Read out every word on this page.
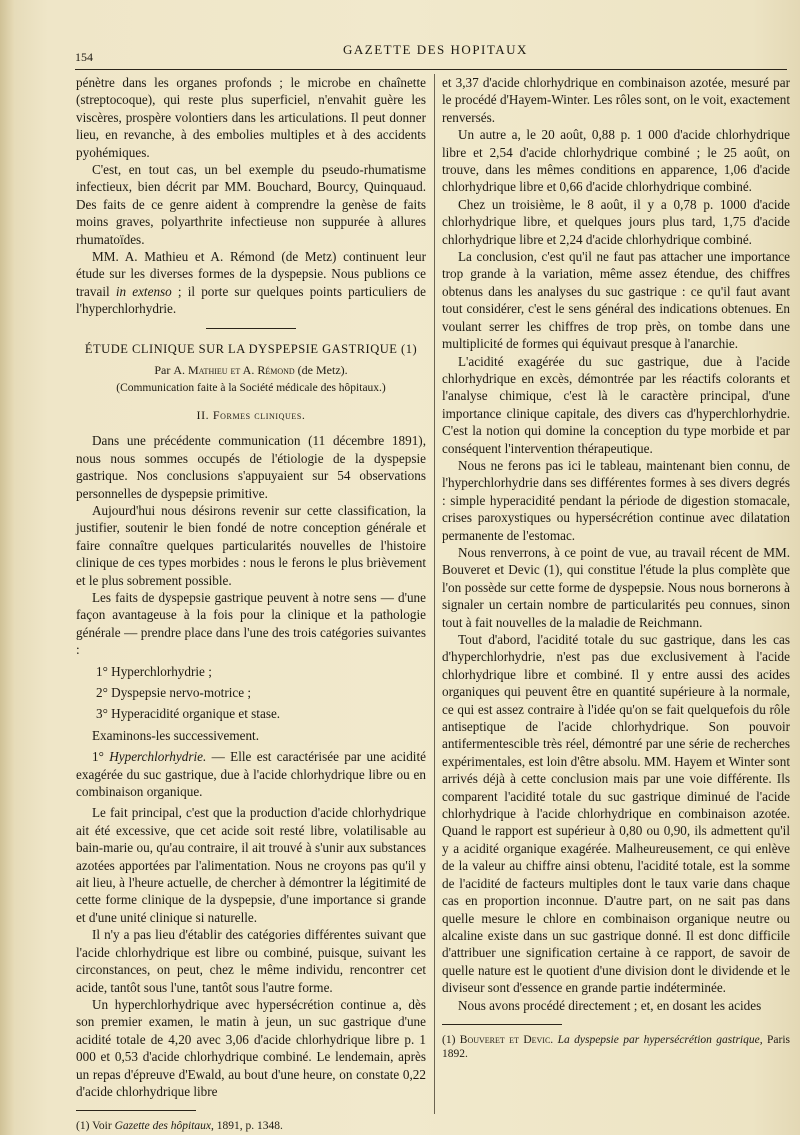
154	GAZETTE DES HOPITAUX

pénètre dans les organes profonds ; le microbe en chaînette (streptocoque), qui reste plus superficiel, n'envahit guère les viscères, prospère volontiers dans les articulations. Il peut donner lieu, en revanche, à des embolies multiples et à des accidents pyohémiques.

C'est, en tout cas, un bel exemple du pseudo-rhumatisme infectieux, bien décrit par MM. Bouchard, Bourcy, Quinquaud. Des faits de ce genre aident à comprendre la genèse de faits moins graves, polyarthrite infectieuse non suppurée à allures rhumatoïdes.

MM. A. Mathieu et A. Rémond (de Metz) continuent leur étude sur les diverses formes de la dyspepsie. Nous publions ce travail in extenso ; il porte sur quelques points particuliers de l'hyperchlorhydrie.

ÉTUDE CLINIQUE SUR LA DYSPEPSIE GASTRIQUE (1)

Par A. Mathieu et A. Rémond (de Metz).

(Communication faite à la Société médicale des hôpitaux.)

II. Formes cliniques.

Dans une précédente communication (11 décembre 1891), nous nous sommes occupés de l'étiologie de la dyspepsie gastrique. Nos conclusions s'appuyaient sur 54 observations personnelles de dyspepsie primitive.

Aujourd'hui nous désirons revenir sur cette classification, la justifier, soutenir le bien fondé de notre conception générale et faire connaître quelques particularités nouvelles de l'histoire clinique de ces types morbides : nous le ferons le plus brièvement et le plus sobrement possible.

Les faits de dyspepsie gastrique peuvent à notre sens — d'une façon avantageuse à la fois pour la clinique et la pathologie générale — prendre place dans l'une des trois catégories suivantes :

1° Hyperchlorhydrie ;

2° Dyspepsie nervo-motrice ;

3° Hyperacidité organique et stase.

Examinons-les successivement.

1° Hyperchlorhydrie. — Elle est caractérisée par une acidité exagérée du suc gastrique, due à l'acide chlorhydrique libre ou en combinaison organique.

Le fait principal, c'est que la production d'acide chlorhydrique ait été excessive, que cet acide soit resté libre, volatilisable au bain-marie ou, qu'au contraire, il ait trouvé à s'unir aux substances azotées apportées par l'alimentation. Nous ne croyons pas qu'il y ait lieu, à l'heure actuelle, de chercher à démontrer la légitimité de cette forme clinique de la dyspepsie, d'une importance si grande et d'une unité clinique si naturelle.

Il n'y a pas lieu d'établir des catégories différentes suivant que l'acide chlorhydrique est libre ou combiné, puisque, suivant les circonstances, on peut, chez le même individu, rencontrer cet acide, tantôt sous l'une, tantôt sous l'autre forme.

Un hyperchlorhydrique avec hypersécrétion continue a, dès son premier examen, le matin à jeun, un suc gastrique d'une acidité totale de 4,20 avec 3,06 d'acide chlorhydrique libre p. 1 000 et 0,53 d'acide chlorhydrique combiné. Le lendemain, après un repas d'épreuve d'Ewald, au bout d'une heure, on constate 0,22 d'acide chlorhydrique libre

(1) Voir Gazette des hôpitaux, 1891, p. 1348.

et 3,37 d'acide chlorhydrique en combinaison azotée, mesuré par le procédé d'Hayem-Winter. Les rôles sont, on le voit, exactement renversés.

Un autre a, le 20 août, 0,88 p. 1 000 d'acide chlorhydrique libre et 2,54 d'acide chlorhydrique combiné ; le 25 août, on trouve, dans les mêmes conditions en apparence, 1,06 d'acide chlorhydrique libre et 0,66 d'acide chlorhydrique combiné.

Chez un troisième, le 8 août, il y a 0,78 p. 1000 d'acide chlorhydrique libre, et quelques jours plus tard, 1,75 d'acide chlorhydrique libre et 2,24 d'acide chlorhydrique combiné.

La conclusion, c'est qu'il ne faut pas attacher une importance trop grande à la variation, même assez étendue, des chiffres obtenus dans les analyses du suc gastrique : ce qu'il faut avant tout considérer, c'est le sens général des indications obtenues. En voulant serrer les chiffres de trop près, on tombe dans une multiplicité de formes qui équivaut presque à l'anarchie.

L'acidité exagérée du suc gastrique, due à l'acide chlorhydrique en excès, démontrée par les réactifs colorants et l'analyse chimique, c'est là le caractère principal, d'une importance clinique capitale, des divers cas d'hyperchlorhydrie. C'est la notion qui domine la conception du type morbide et par conséquent l'intervention thérapeutique.

Nous ne ferons pas ici le tableau, maintenant bien connu, de l'hyperchlorhydrie dans ses différentes formes à ses divers degrés : simple hyperacidité pendant la période de digestion stomacale, crises paroxystiques ou hypersécrétion continue avec dilatation permanente de l'estomac.

Nous renverrons, à ce point de vue, au travail récent de MM. Bouveret et Devic (1), qui constitue l'étude la plus complète que l'on possède sur cette forme de dyspepsie. Nous nous bornerons à signaler un certain nombre de particularités peu connues, sinon tout à fait nouvelles de la maladie de Reichmann.

Tout d'abord, l'acidité totale du suc gastrique, dans les cas d'hyperchlorhydrie, n'est pas due exclusivement à l'acide chlorhydrique libre et combiné. Il y entre aussi des acides organiques qui peuvent être en quantité supérieure à la normale, ce qui est assez contraire à l'idée qu'on se fait quelquefois du rôle antiseptique de l'acide chlorhydrique. Son pouvoir antifermentescible très réel, démontré par une série de recherches expérimentales, est loin d'être absolu. MM. Hayem et Winter sont arrivés déjà à cette conclusion mais par une voie différente. Ils comparent l'acidité totale du suc gastrique diminué de l'acide chlorhydrique à l'acide chlorhydrique en combinaison azotée. Quand le rapport est supérieur à 0,80 ou 0,90, ils admettent qu'il y a acidité organique exagérée. Malheureusement, ce qui enlève de la valeur au chiffre ainsi obtenu, l'acidité totale, est la somme de l'acidité de facteurs multiples dont le taux varie dans chaque cas en proportion inconnue. D'autre part, on ne sait pas dans quelle mesure le chlore en combinaison organique neutre ou alcaline existe dans un suc gastrique donné. Il est donc difficile d'attribuer une signification certaine à ce rapport, de savoir de quelle nature est le quotient d'une division dont le dividende et le diviseur sont d'essence en grande partie indéterminée.

Nous avons procédé directement ; et, en dosant les acides

(1) Bouveret et Devic. La dyspepsie par hypersécrétion gastrique, Paris 1892.
